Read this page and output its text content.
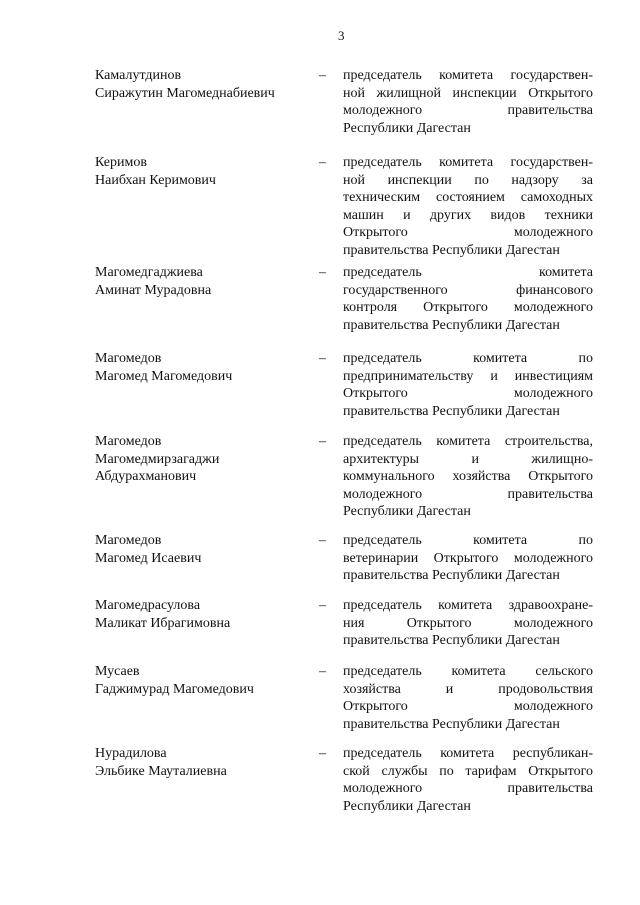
3
Камалутдинов
Сиражутин Магомеднабиевич
– председатель комитета государствен-
ной жилищной инспекции Открытого
молодежного правительства
Республики Дагестан
Керимов
Наибхан Керимович
– председатель комитета государствен-
ной инспекции по надзору за
техническим состоянием самоходных
машин и других видов техники
Открытого молодежного
правительства Республики Дагестан
Магомедгаджиева
Аминат Мурадовна
– председатель комитета
государственного финансового
контроля Открытого молодежного
правительства Республики Дагестан
Магомедов
Магомед Магомедович
– председатель комитета по
предпринимательству и инвестициям
Открытого молодежного
правительства Республики Дагестан
Магомедов
Магомедмирзагаджи
Абдурахманович
– председатель комитета строительства,
архитектуры и жилищно-
коммунального хозяйства Открытого
молодежного правительства
Республики Дагестан
Магомедов
Магомед Исаевич
– председатель комитета по
ветеринарии Открытого молодежного
правительства Республики Дагестан
Магомедрасулова
Маликат Ибрагимовна
– председатель комитета здравоохране-
ния Открытого молодежного
правительства Республики Дагестан
Мусаев
Гаджимурад Магомедович
– председатель комитета сельского
хозяйства и продовольствия
Открытого молодежного
правительства Республики Дагестан
Нурадилова
Эльбике Мауталиевна
– председатель комитета республикан-
ской службы по тарифам Открытого
молодежного правительства
Республики Дагестан
